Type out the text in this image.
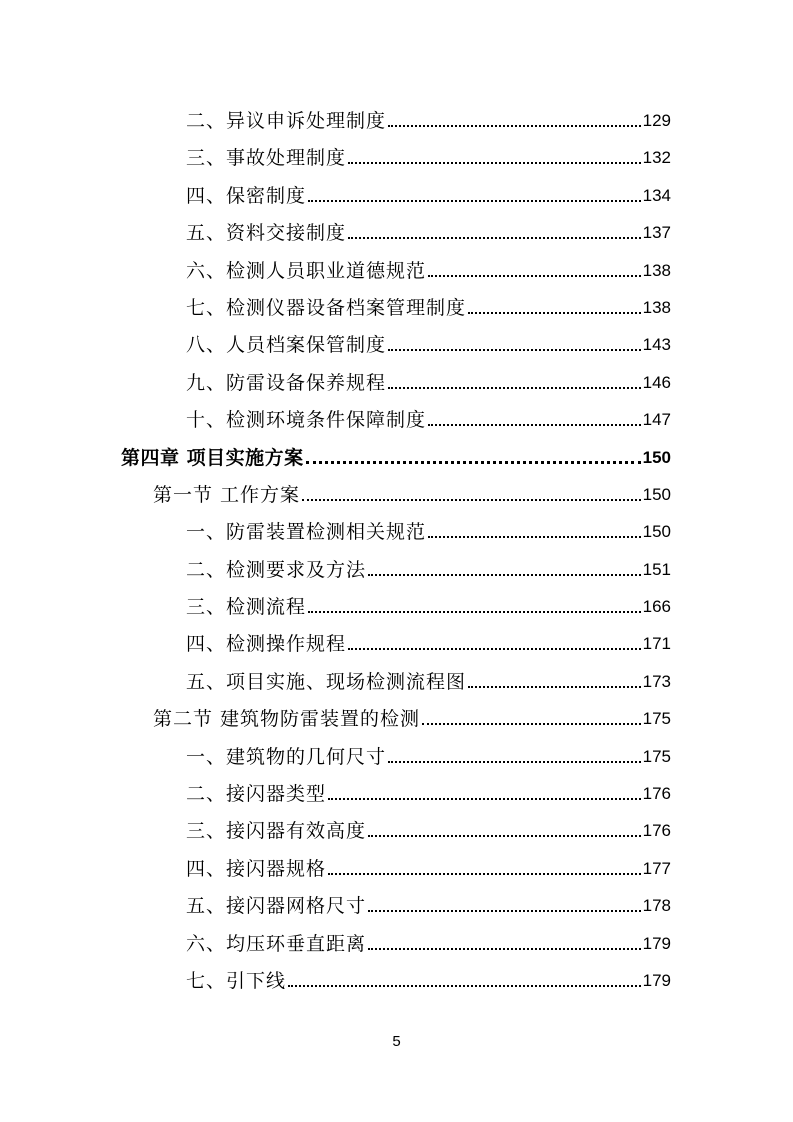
二、异议申诉处理制度	129
三、事故处理制度	132
四、保密制度	134
五、资料交接制度	137
六、检测人员职业道德规范	138
七、检测仪器设备档案管理制度	138
八、人员档案保管制度	143
九、防雷设备保养规程	146
十、检测环境条件保障制度	147
第四章 项目实施方案	150
第一节 工作方案	150
一、防雷装置检测相关规范	150
二、检测要求及方法	151
三、检测流程	166
四、检测操作规程	171
五、项目实施、现场检测流程图	173
第二节 建筑物防雷装置的检测	175
一、建筑物的几何尺寸	175
二、接闪器类型	176
三、接闪器有效高度	176
四、接闪器规格	177
五、接闪器网格尺寸	178
六、均压环垂直距离	179
七、引下线	179
5
